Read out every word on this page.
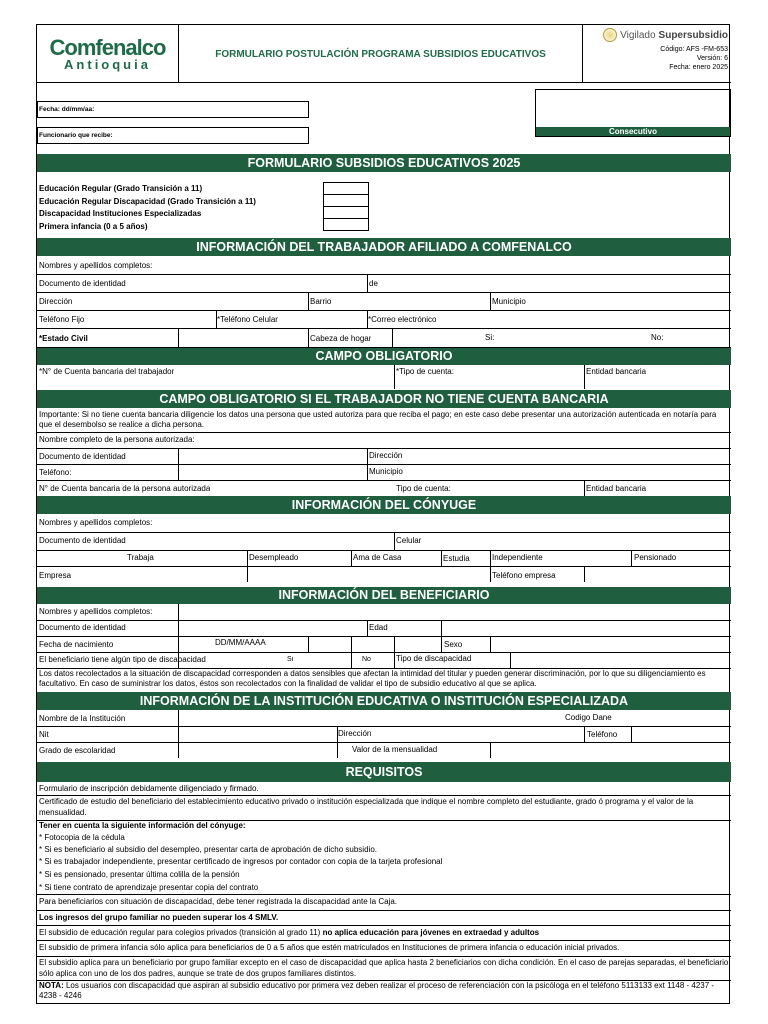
Comfenalco
Antioquia
FORMULARIO POSTULACIÓN PROGRAMA SUBSIDIOS EDUCATIVOS
Vigilado Supersubsidio
Código: AFS -FM-653
Versión: 6
Fecha: enero 2025
Fecha: dd/mm/aa:
Funcionario que recibe:	Consecutivo
FORMULARIO SUBSIDIOS EDUCATIVOS 2025
Educación Regular (Grado Transición a 11)
Educación Regular Discapacidad (Grado Transición a 11)
Discapacidad Instituciones Especializadas
Primera infancia (0 a 5 años)
INFORMACIÓN DEL TRABAJADOR AFILIADO A COMFENALCO
Nombres y apellidos completos:
Documento de identidad	de
Dirección	Barrio	Municipio
Teléfono Fijo	*Teléfono Celular	*Correo electrónico
*Estado Civil	Cabeza de hogar	Si:	No:
CAMPO OBLIGATORIO
*N° de Cuenta bancaria del trabajador	*Tipo de cuenta:	Entidad bancaria
CAMPO OBLIGATORIO SI EL TRABAJADOR NO TIENE CUENTA BANCARIA
Importante: Si no tiene cuenta bancaria diligencie los datos una persona que usted autoriza para que reciba el pago; en este caso debe presentar una autorización autenticada en notaría para que el desembolso se realice a dicha persona.
Nombre completo de la persona autorizada:
Documento de identidad	Dirección
Teléfono:	Municipio
N° de Cuenta bancaria de la persona autorizada	Tipo de cuenta:	Entidad bancaria
INFORMACIÓN DEL CÓNYUGE
Nombres y apellidos completos:
Documento de identidad	Celular
Trabaja	Desempleado	Ama de Casa	Estudia	Independiente	Pensionado
Empresa	Teléfono empresa
INFORMACIÓN DEL BENEFICIARIO
Nombres y apellidos completos:
Documento de identidad	Edad
Fecha de nacimiento	DD/MM/AAAA	Sexo
El beneficiario tiene algún tipo de discapacidad	Si	No	Tipo de discapacidad
Los datos recolectados a la situación de discapacidad corresponden a datos sensibles que afectan la intimidad del titular y pueden generar discriminación, por lo que su diligenciamiento es facultativo. En caso de suministrar los datos, éstos son recolectados con la finalidad de validar el tipo de subsidio educativo al que se aplica.
INFORMACIÓN DE LA INSTITUCIÓN EDUCATIVA O INSTITUCIÓN ESPECIALIZADA
Nombre de la Institución	Codigo Dane
Nit	Dirección	Teléfono
Grado de escolaridad	Valor de la mensualidad
REQUISITOS
Formulario de inscripción debidamente diligenciado y firmado.
Certificado de estudio del beneficiario del establecimiento educativo privado o institución especializada que indique el nombre completo del estudiante, grado ó programa y el valor de la mensualidad.
Tener en cuenta la siguiente información del cónyuge:
* Fotocopia de la cédula
* Si es beneficiario al subsidio del desempleo, presentar carta de aprobación de dicho subsidio.
* Si es trabajador independiente, presentar certificado de ingresos por contador con copia de la tarjeta profesional
* Si es pensionado, presentar última colilla de la pensión
* Si tiene contrato de aprendizaje presentar copia del contrato
Para beneficiarios con situación de discapacidad, debe tener registrada la discapacidad ante la Caja.
Los ingresos del grupo familiar no pueden superar los 4 SMLV.
El subsidio de educación regular para colegios privados (transición al grado 11) no aplica educación para jóvenes en extraedad y adultos
El subsidio de primera infancia sólo aplica para beneficiarios de 0 a 5 años que estén matriculados en Instituciones de primera infancia o educación inicial privados.
El subsidio aplica para un beneficiario por grupo familiar excepto en el caso de discapacidad que aplica hasta 2 beneficiarios con dicha condición. En el caso de parejas separadas, el beneficiario sólo aplica con uno de los dos padres, aunque se trate de dos grupos familiares distintos.
NOTA: Los usuarios con discapacidad que aspiran al subsidio educativo por primera vez deben realizar el proceso de referenciación con la psicóloga en el teléfono 5113133 ext 1148 - 4237 - 4238 - 4246
